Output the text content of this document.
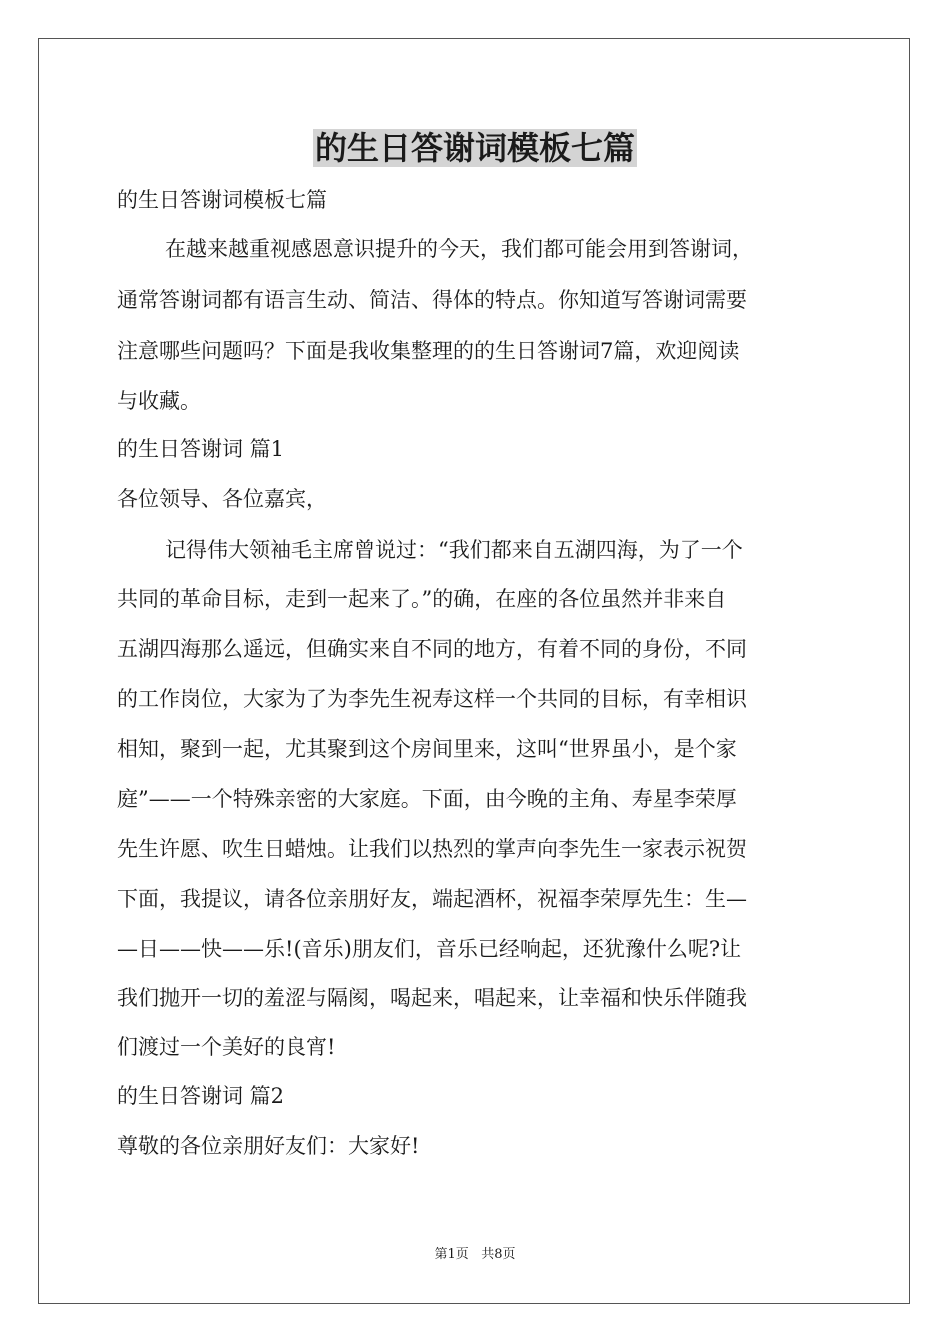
的生日答谢词模板七篇
的生日答谢词模板七篇
在越来越重视感恩意识提升的今天，我们都可能会用到答谢词，
通常答谢词都有语言生动、简洁、得体的特点。你知道写答谢词需要
注意哪些问题吗？下面是我收集整理的的生日答谢词7篇，欢迎阅读
与收藏。
的生日答谢词 篇1
各位领导、各位嘉宾，
记得伟大领袖毛主席曾说过：“我们都来自五湖四海，为了一个
共同的革命目标，走到一起来了。”的确，在座的各位虽然并非来自
五湖四海那么遥远，但确实来自不同的地方，有着不同的身份，不同
的工作岗位，大家为了为李先生祝寿这样一个共同的目标，有幸相识
相知，聚到一起，尤其聚到这个房间里来，这叫“世界虽小，是个家
庭”——一个特殊亲密的大家庭。下面，由今晚的主角、寿星李荣厚
先生许愿、吹生日蜡烛。让我们以热烈的掌声向李先生一家表示祝贺
下面，我提议，请各位亲朋好友，端起酒杯，祝福李荣厚先生：生—
—日——快——乐!(音乐)朋友们，音乐已经响起，还犹豫什么呢?让
我们抛开一切的羞涩与隔阂，喝起来，唱起来，让幸福和快乐伴随我
们渡过一个美好的良宵!
的生日答谢词 篇2
尊敬的各位亲朋好友们：大家好!
第1页 共8页
